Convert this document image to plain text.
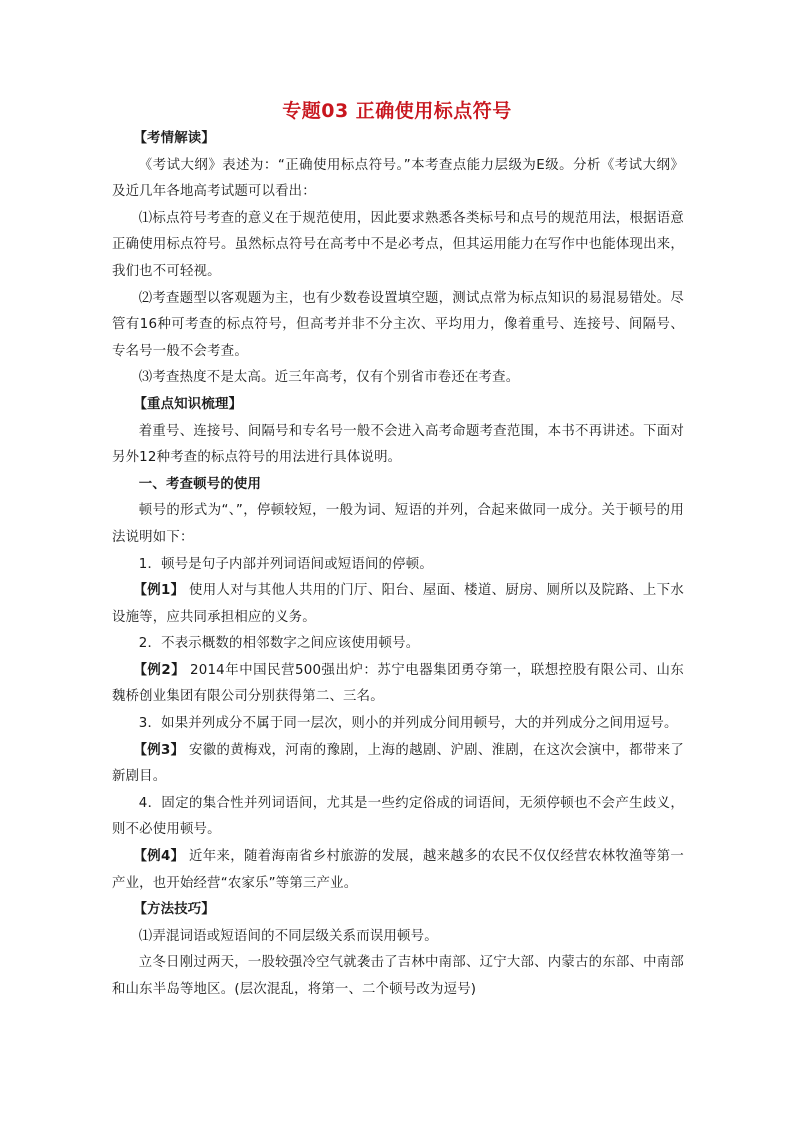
专题03 正确使用标点符号

【考情解读】

《考试大纲》表述为：“正确使用标点符号。”本考查点能力层级为E级。分析《考试大纲》及近几年各地高考试题可以看出：

⑴标点符号考查的意义在于规范使用，因此要求熟悉各类标号和点号的规范用法，根据语意正确使用标点符号。虽然标点符号在高考中不是必考点，但其运用能力在写作中也能体现出来，我们也不可轻视。

⑵考查题型以客观题为主，也有少数卷设置填空题，测试点常为标点知识的易混易错处。尽管有16种可考查的标点符号，但高考并非不分主次、平均用力，像着重号、连接号、间隔号、专名号一般不会考查。

⑶考查热度不是太高。近三年高考，仅有个别省市卷还在考查。

【重点知识梳理】

着重号、连接号、间隔号和专名号一般不会进入高考命题考查范围，本书不再讲述。下面对另外12种考查的标点符号的用法进行具体说明。

一、考查顿号的使用

顿号的形式为“、”，停顿较短，一般为词、短语的并列，合起来做同一成分。关于顿号的用法说明如下：

1．顿号是句子内部并列词语间或短语间的停顿。

【例1】 使用人对与其他人共用的门厅、阳台、屋面、楼道、厨房、厕所以及院路、上下水设施等，应共同承担相应的义务。

2．不表示概数的相邻数字之间应该使用顿号。

【例2】 2014年中国民营500强出炉：苏宁电器集团勇夺第一，联想控股有限公司、山东魏桥创业集团有限公司分别获得第二、三名。

3．如果并列成分不属于同一层次，则小的并列成分间用顿号，大的并列成分之间用逗号。

【例3】 安徽的黄梅戏，河南的豫剧，上海的越剧、沪剧、淮剧，在这次会演中，都带来了新剧目。

4．固定的集合性并列词语间，尤其是一些约定俗成的词语间，无须停顿也不会产生歧义，则不必使用顿号。

【例4】 近年来，随着海南省乡村旅游的发展，越来越多的农民不仅仅经营农林牧渔等第一产业，也开始经营“农家乐”等第三产业。

【方法技巧】

⑴弄混词语或短语间的不同层级关系而误用顿号。

立冬日刚过两天，一股较强冷空气就袭击了吉林中南部、辽宁大部、内蒙古的东部、中南部和山东半岛等地区。(层次混乱，将第一、二个顿号改为逗号)
